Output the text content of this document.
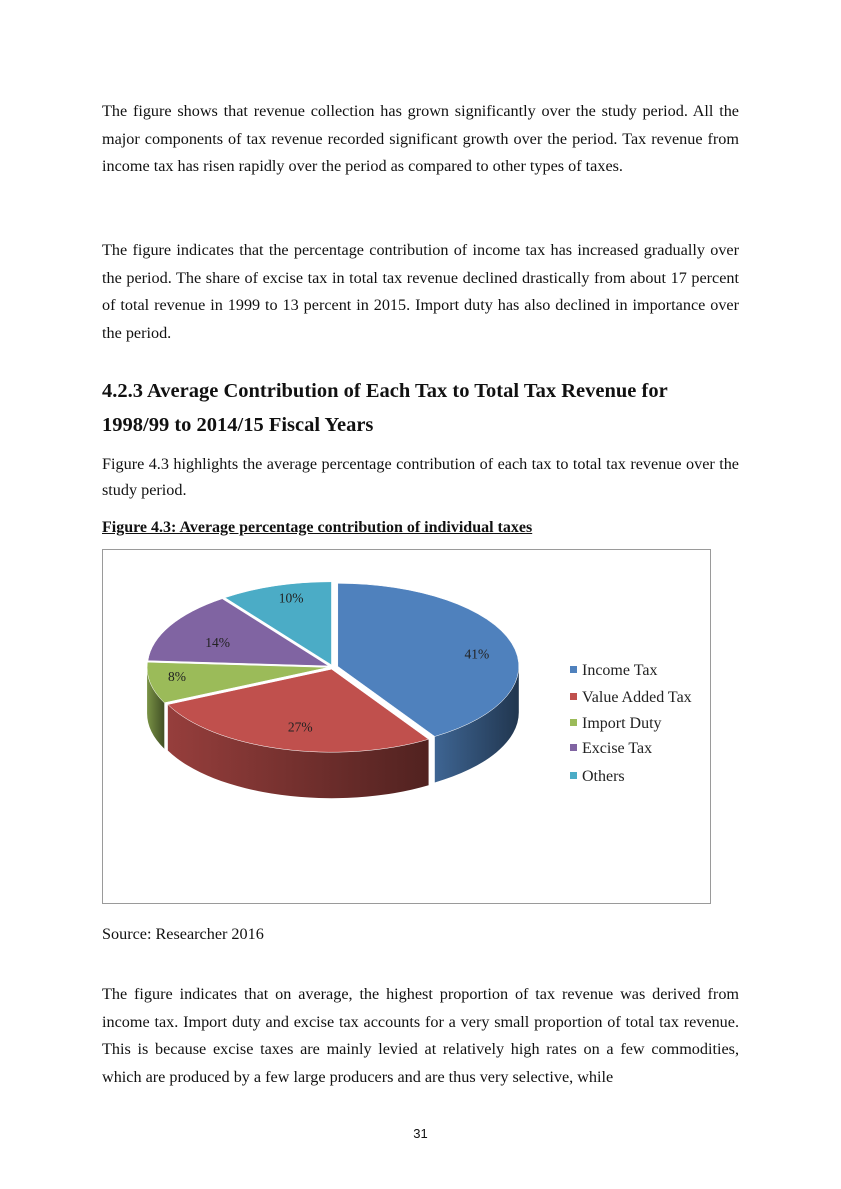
The figure shows that revenue collection has grown significantly over the study period. All the major components of tax revenue recorded significant growth over the period. Tax revenue from income tax has risen rapidly over the period as compared to other types of taxes.

The figure indicates that the percentage contribution of income tax has increased gradually over the period. The share of excise tax in total tax revenue declined drastically from about 17 percent of total revenue in 1999 to 13 percent in 2015. Import duty has also declined in importance over the period.

4.2.3 Average Contribution of Each Tax to Total Tax Revenue for
1998/99 to 2014/15 Fiscal Years

Figure 4.3 highlights the average percentage contribution of each tax to total tax revenue over the study period.

Figure 4.3: Average percentage contribution of individual taxes

41%
27%
8%
14%
10%
Income Tax
Value Added Tax
Import Duty
Excise Tax
Others

Source: Researcher 2016

The figure indicates that on average, the highest proportion of tax revenue was derived from income tax. Import duty and excise tax accounts for a very small proportion of total tax revenue. This is because excise taxes are mainly levied at relatively high rates on a few commodities, which are produced by a few large producers and are thus very selective, while

31
